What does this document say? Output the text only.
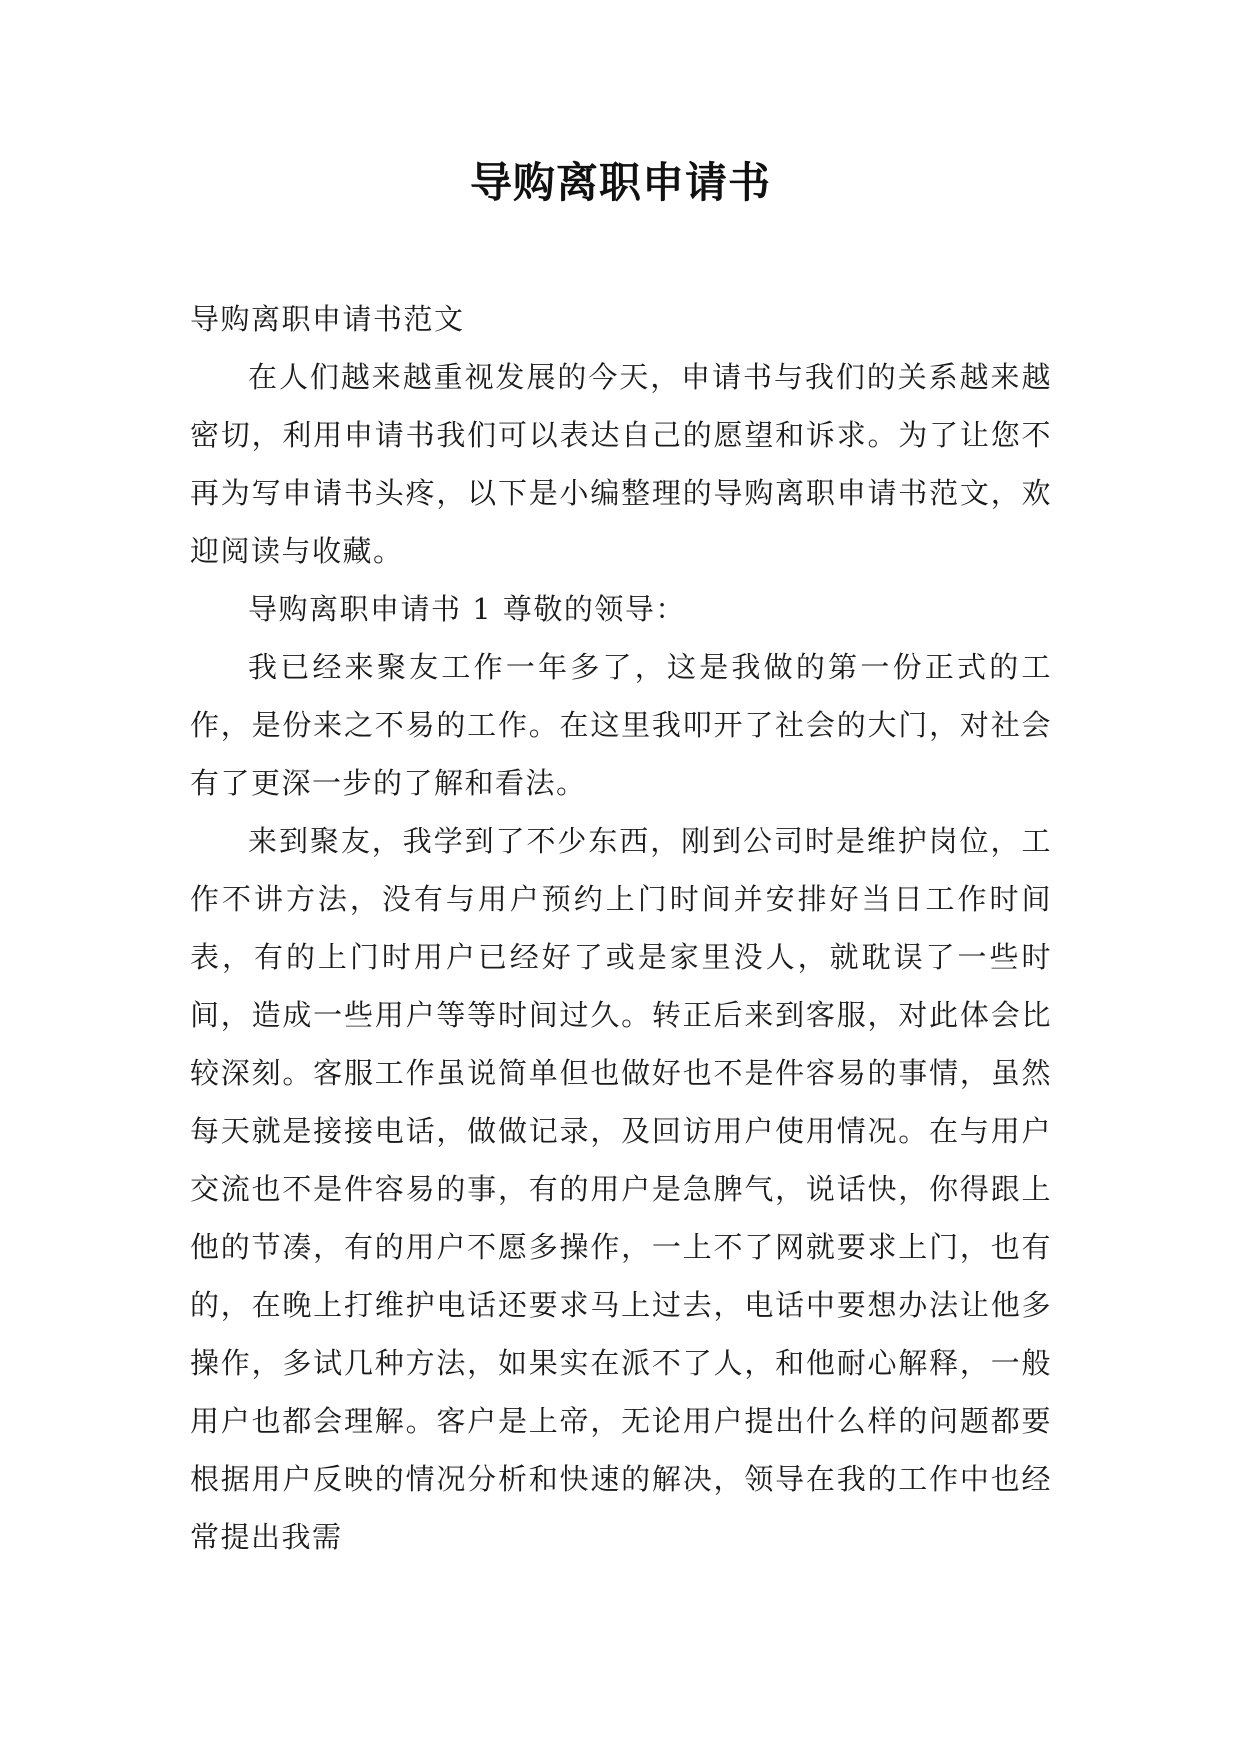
导购离职申请书

导购离职申请书范文

在人们越来越重视发展的今天，申请书与我们的关系越来越密切，利用申请书我们可以表达自己的愿望和诉求。为了让您不再为写申请书头疼，以下是小编整理的导购离职申请书范文，欢迎阅读与收藏。

导购离职申请书 1 尊敬的领导：

我已经来聚友工作一年多了，这是我做的第一份正式的工作，是份来之不易的工作。在这里我叩开了社会的大门，对社会有了更深一步的了解和看法。

来到聚友，我学到了不少东西，刚到公司时是维护岗位，工作不讲方法，没有与用户预约上门时间并安排好当日工作时间表，有的上门时用户已经好了或是家里没人，就耽误了一些时间，造成一些用户等等时间过久。转正后来到客服，对此体会比较深刻。客服工作虽说简单但也做好也不是件容易的事情，虽然每天就是接接电话，做做记录，及回访用户使用情况。在与用户交流也不是件容易的事，有的用户是急脾气，说话快，你得跟上他的节凑，有的用户不愿多操作，一上不了网就要求上门，也有的，在晚上打维护电话还要求马上过去，电话中要想办法让他多操作，多试几种方法，如果实在派不了人，和他耐心解释，一般用户也都会理解。客户是上帝，无论用户提出什么样的问题都要根据用户反映的情况分析和快速的解决，领导在我的工作中也经常提出我需
